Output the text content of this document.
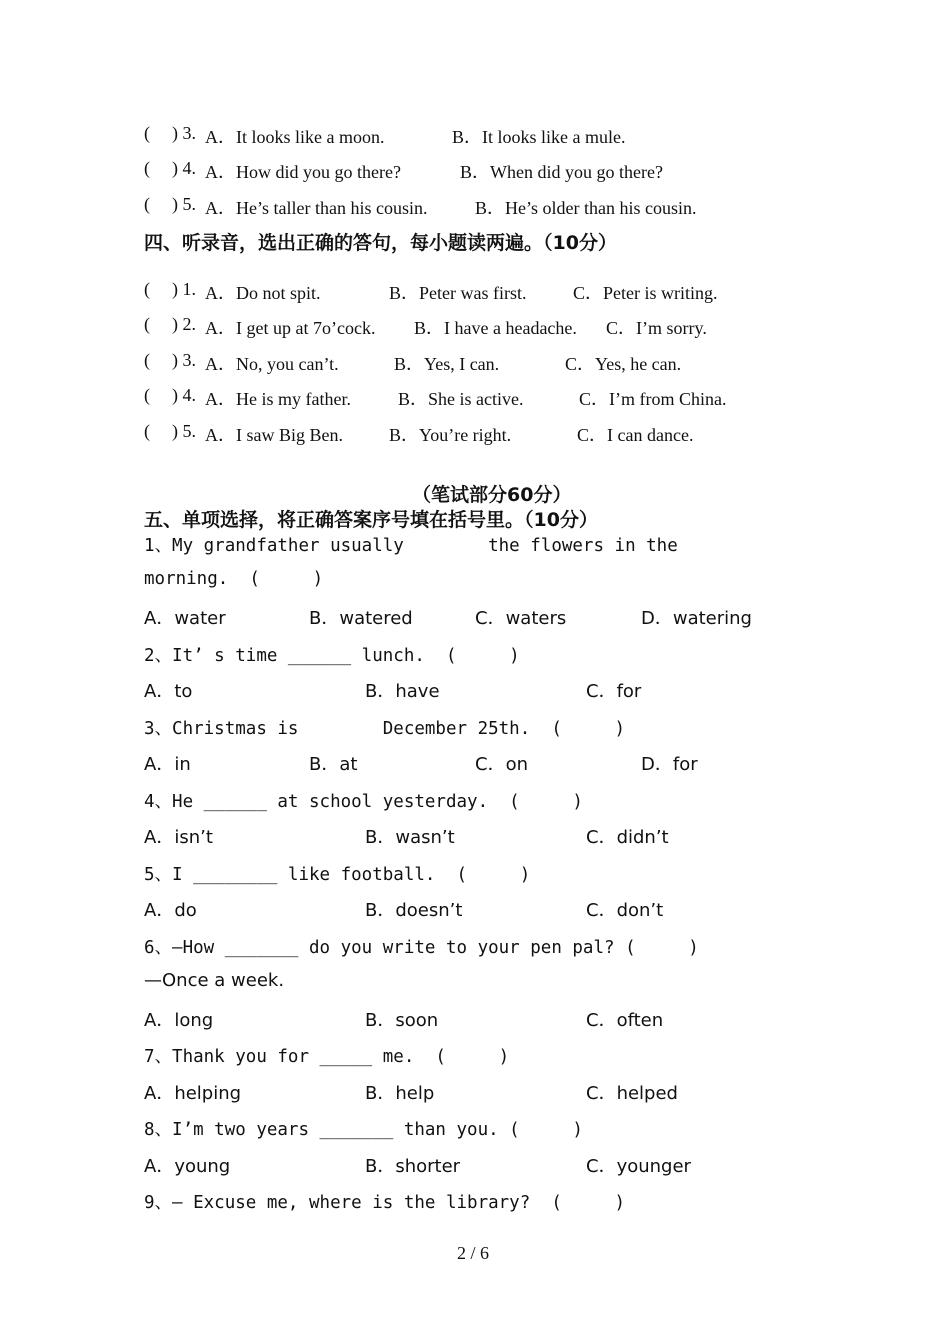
( ) 3. A．It looks like a moon.	B．It looks like a mule.
( ) 4. A．How did you go there?	B．When did you go there?
( ) 5. A．He’s taller than his cousin.	B．He’s older than his cousin.
四、听录音，选出正确的答句，每小题读两遍。（10分）
( ) 1. A．Do not spit.	B．Peter was first.	C．Peter is writing.
( ) 2. A．I get up at 7o’cock. B．I have a headache. C．I’m sorry.
( ) 3. A．No, you can’t.	B．Yes, I can.	C．Yes, he can.
( ) 4. A．He is my father.	B．She is active.	C．I’m from China.
( ) 5. A．I saw Big Ben.	B．You’re right.	C．I can dance.
（笔试部分60分）
五、单项选择，将正确答案序号填在括号里。（10分）
1、My grandfather usually        the flowers in the
morning.  (     )
A．water	B．watered	C．waters	D．watering
2、It’ s time ______ lunch.  (     )
A．to	B．have	C．for
3、Christmas is        December 25th.  (     )
A．in	B．at	C．on	D．for
4、He ______ at school yesterday.  (     )
A．isn’t	B．wasn’t	C．didn’t
5、I ________ like football.  (     )
A．do	B．doesn’t	C．don’t
6、—How _______ do you write to your pen pal? (     )
—Once a week.
A．long	B．soon	C．often
7、Thank you for _____ me.  (     )
A．helping	B．help	C．helped
8、I’m two years _______ than you. (     )
A．young	B．shorter	C．younger
9、— Excuse me, where is the library?  (     )
2 / 6
